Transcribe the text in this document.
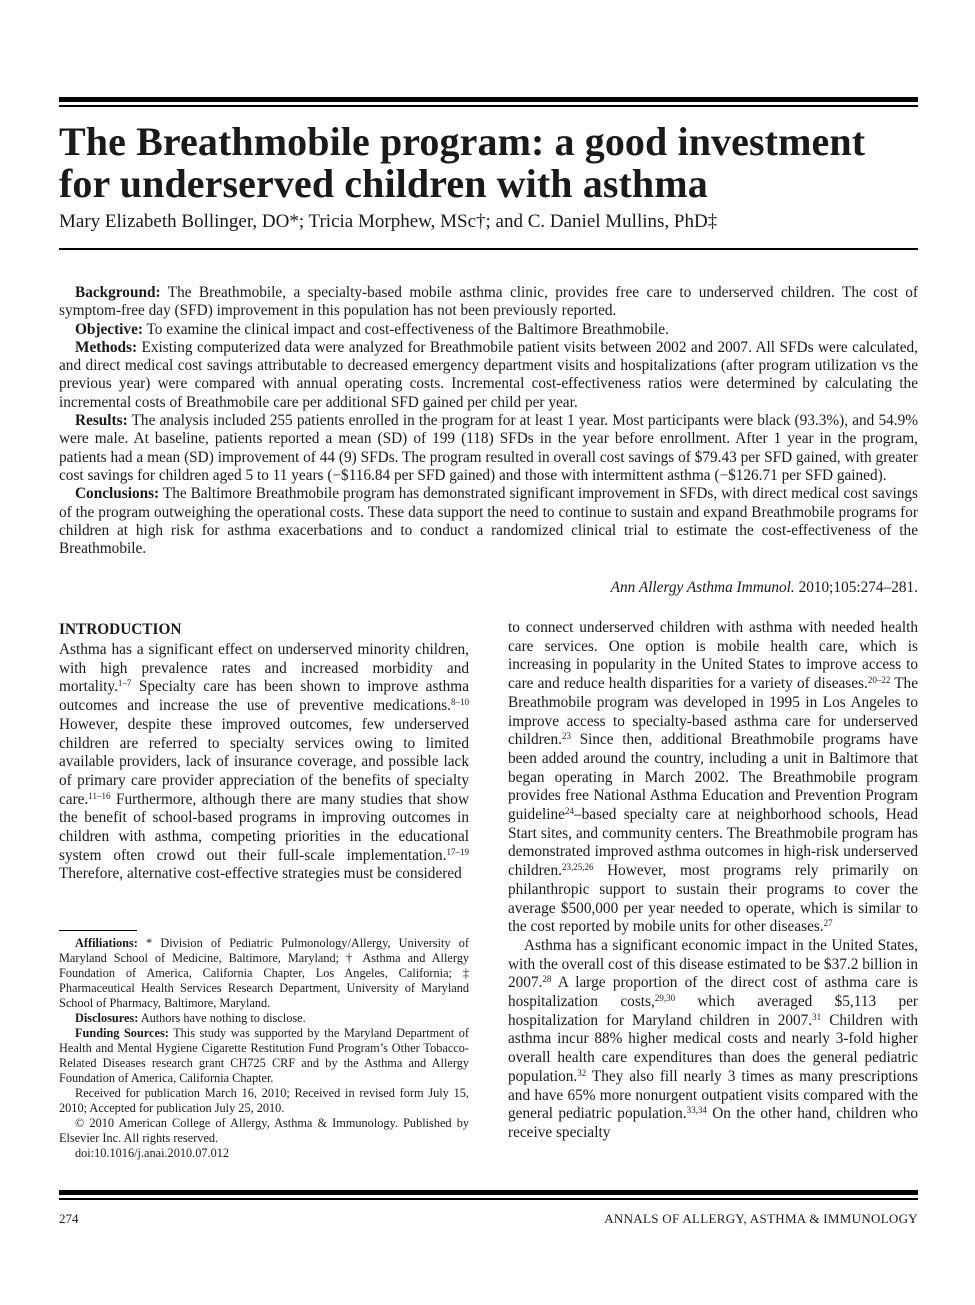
The Breathmobile program: a good investment for underserved children with asthma
Mary Elizabeth Bollinger, DO*; Tricia Morphew, MSc†; and C. Daniel Mullins, PhD‡

Background: The Breathmobile, a specialty-based mobile asthma clinic, provides free care to underserved children. The cost of symptom-free day (SFD) improvement in this population has not been previously reported.

Objective: To examine the clinical impact and cost-effectiveness of the Baltimore Breathmobile.

Methods: Existing computerized data were analyzed for Breathmobile patient visits between 2002 and 2007. All SFDs were calculated, and direct medical cost savings attributable to decreased emergency department visits and hospitalizations (after program utilization vs the previous year) were compared with annual operating costs. Incremental cost-effectiveness ratios were determined by calculating the incremental costs of Breathmobile care per additional SFD gained per child per year.

Results: The analysis included 255 patients enrolled in the program for at least 1 year. Most participants were black (93.3%), and 54.9% were male. At baseline, patients reported a mean (SD) of 199 (118) SFDs in the year before enrollment. After 1 year in the program, patients had a mean (SD) improvement of 44 (9) SFDs. The program resulted in overall cost savings of $79.43 per SFD gained, with greater cost savings for children aged 5 to 11 years (−$116.84 per SFD gained) and those with intermittent asthma (−$126.71 per SFD gained).

Conclusions: The Baltimore Breathmobile program has demonstrated significant improvement in SFDs, with direct medical cost savings of the program outweighing the operational costs. These data support the need to continue to sustain and expand Breathmobile programs for children at high risk for asthma exacerbations and to conduct a randomized clinical trial to estimate the cost-effectiveness of the Breathmobile.

Ann Allergy Asthma Immunol. 2010;105:274–281.

INTRODUCTION

Asthma has a significant effect on underserved minority children, with high prevalence rates and increased morbidity and mortality.$^{1-7}$ Specialty care has been shown to improve asthma outcomes and increase the use of preventive medications.$^{8-10}$ However, despite these improved outcomes, few underserved children are referred to specialty services owing to limited available providers, lack of insurance coverage, and possible lack of primary care provider appreciation of the benefits of specialty care.$^{11-16}$ Furthermore, although there are many studies that show the benefit of school-based programs in improving outcomes in children with asthma, competing priorities in the educational system often crowd out their full-scale implementation.$^{17-19}$ Therefore, alternative cost-effective strategies must be considered

Affiliations: * Division of Pediatric Pulmonology/Allergy, University of Maryland School of Medicine, Baltimore, Maryland; † Asthma and Allergy Foundation of America, California Chapter, Los Angeles, California; ‡ Pharmaceutical Health Services Research Department, University of Maryland School of Pharmacy, Baltimore, Maryland.

Disclosures: Authors have nothing to disclose.

Funding Sources: This study was supported by the Maryland Department of Health and Mental Hygiene Cigarette Restitution Fund Program’s Other Tobacco-Related Diseases research grant CH725 CRF and by the Asthma and Allergy Foundation of America, California Chapter.

Received for publication March 16, 2010; Received in revised form July 15, 2010; Accepted for publication July 25, 2010.

© 2010 American College of Allergy, Asthma & Immunology. Published by Elsevier Inc. All rights reserved.

doi:10.1016/j.anai.2010.07.012

to connect underserved children with asthma with needed health care services. One option is mobile health care, which is increasing in popularity in the United States to improve access to care and reduce health disparities for a variety of diseases.$^{20-22}$ The Breathmobile program was developed in 1995 in Los Angeles to improve access to specialty-based asthma care for underserved children.$^{23}$ Since then, additional Breathmobile programs have been added around the country, including a unit in Baltimore that began operating in March 2002. The Breathmobile program provides free National Asthma Education and Prevention Program guideline$^{24}$–based specialty care at neighborhood schools, Head Start sites, and community centers. The Breathmobile program has demonstrated improved asthma outcomes in high-risk underserved children.$^{23,25,26}$ However, most programs rely primarily on philanthropic support to sustain their programs to cover the average $500,000 per year needed to operate, which is similar to the cost reported by mobile units for other diseases.$^{27}$

Asthma has a significant economic impact in the United States, with the overall cost of this disease estimated to be $37.2 billion in 2007.28 A large proportion of the direct cost of asthma care is hospitalization costs,$^{29,30}$ which averaged $5,113 per hospitalization for Maryland children in 2007.31 Children with asthma incur 88% higher medical costs and nearly 3-fold higher overall health care expenditures than does the general pediatric population.$^{32}$ They also fill nearly 3 times as many prescriptions and have 65% more nonurgent outpatient visits compared with the general pediatric population.$^{33,34}$ On the other hand, children who receive specialty

274	ANNALS OF ALLERGY, ASTHMA & IMMUNOLOGY
